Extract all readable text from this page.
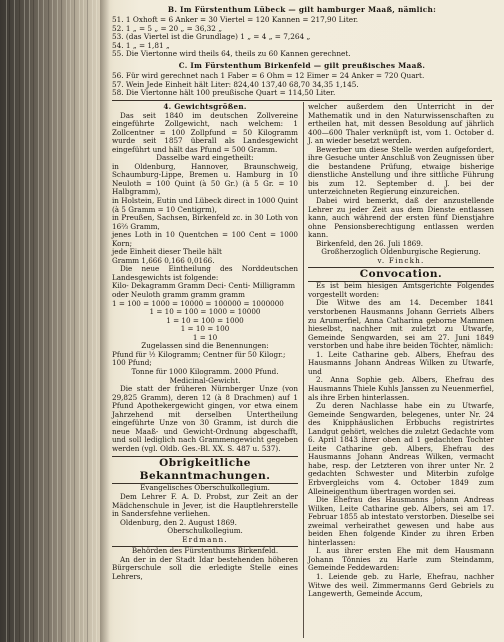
B. Im Fürstenthum Lübeck — gilt hamburger Maaß, nämlich:

51. 1 Oxhoft = 6 Anker = 30 Viertel = 120 Kannen = 217,90 Liter.

52. 1 „ = 5 „ = 20 „ = 36,32 „

53. (das Viertel ist die Grundlage) 1 „ = 4 „ = 7,264 „

54. 1 „ = 1,81 „

55. Die Viertonne wird theils 64, theils zu 60 Kannen gerechnet.

C. Im Fürstenthum Birkenfeld — gilt preußisches Maaß.

56. Für wird gerechnet nach 1 Faber = 6 Ohm = 12 Eimer = 24 Anker = 720 Quart.

57. Wein Jede Einheit hält Liter: 824,40 137,40 68,70 34,35 1,145.

58. Die Viertonne hält 100 preußische Quart = 114,50 Liter.

4. Gewichtsgrößen.

Das seit 1840 im deutschen Zollvereine eingeführte Zollgewicht, nach welchem: 1 Zollcentner = 100 Zollpfund = 50 Kilogramm wurde seit 1857 überall als Landesgewicht eingeführt und hält das Pfund = 500 Gramm.

Dasselbe ward eingetheilt:

in Oldenburg, Hannover, Braunschweig, Schaumburg-Lippe, Bremen u. Hamburg in 10 Neuloth = 100 Quint (à 50 Gr.) (à 5 Gr. = 10 Halbgramm),

in Holstein, Eutin und Lübeck direct in 1000 Quint (à 5 Gramm = 10 Centigrm),

in Preußen, Sachsen, Birkenfeld zc. in 30 Loth von 16⅔ Gramm,

jenes Loth in 10 Quentchen = 100 Cent = 1000 Korn;

jede Einheit dieser Theile hält

Gramm 1,666 0,166 0,0166.

Die neue Eintheilung des Norddeutschen Landesgewichts ist folgende:

Kilo- Dekagramm Gramm Deci- Centi- Milligramm oder Neuloth gramm gramm gramm

1 = 100 = 1000 = 10000 = 100000 = 1000000

1 = 10 = 100 = 1000 = 10000

1 = 10 = 100 = 1000

1 = 10 = 100

1 = 10

Zugelassen sind die Benennungen:

Pfund für ½ Kilogramm; Centner für 50 Kilogr.; 100 Pfund;

Tonne für 1000 Kilogramm. 2000 Pfund.

Medicinal-Gewicht.

Die statt der früheren Nürnberger Unze (von 29,825 Gramm), deren 12 (à 8 Drachmen) auf 1 Pfund Apothekergewicht gingen, vor etwa einem Jahrzehend mit derselben Untertheilung eingeführte Unze von 30 Gramm, ist durch die neue Maaß- und Gewicht-Ordnung abgeschafft, und soll lediglich nach Grammengewicht gegeben werden (vgl. Oldb. Ges.-Bl. XX. S. 487 u. 537).

Obrigkeitliche Bekanntmachungen.

Evangelisches Oberschulkollegium.

Dem Lehrer F. A. D. Probst, zur Zeit an der Mädchenschule in Jever, ist die Hauptlehrerstelle in Sandersfehne verliehen.

Oldenburg, den 2. August 1869.

Oberschulkollegium.

Erdmann.

Behörden des Fürstenthums Birkenfeld.

An der in der Stadt Idar bestehenden höheren Bürgerschule soll die erledigte Stelle eines Lehrers,

welcher außerdem den Unterricht in der Mathematik und in den Naturwissenschaften zu ertheilen hat, mit dessen Besoldung auf jährlich 400—600 Thaler verknüpft ist, vom 1. October d. J. an wieder besetzt werden.

Bewerber um diese Stelle werden aufgefordert, ihre Gesuche unter Anschluß von Zeugnissen über die bestandene Prüfung, etwaige bisherige dienstliche Anstellung und ihre sittliche Führung bis zum 12. September d. J. bei der unterzeichneten Regierung einzureichen.

Dabei wird bemerkt, daß der anzustellende Lehrer zu jeder Zeit aus dem Dienste entlassen kann, auch während der ersten fünf Dienstjahre ohne Pensionsberechtigung entlassen werden kann.

Birkenfeld, den 26. Juli 1869.

Großherzoglich Oldenburgische Regierung.

v. Finckh.

Convocation.

Es ist beim hiesigen Amtsgerichte Folgendes vorgestellt worden:

Die Witwe des am 14. December 1841 verstorbenen Hausmanns Johann Gerriets Albers zu Arumerfiel, Anna Catharina geborne Mammen hieselbst, nachher mit zuletzt zu Utwarfe, Gemeinde Sengwarden, sei am 27. Juni 1849 verstorben und habe ihre beiden Töchter, nämlich:

1. Leite Catharine geb. Albers, Ehefrau des Hausmanns Johann Andreas Wilken zu Utwarfe, und

2. Anna Sophie geb. Albers, Ehefrau des Hausmanns Thiele Kuhls Janssen zu Neuenmerfiel, als ihre Erben hinterlassen.

Zu deren Nachlasse habe ein zu Utwarfe, Gemeinde Sengwarden, belegenes, unter Nr. 24 des Knipphäuslichen Erbbuchs registrirtes Landgut gehört, welches die zuletzt Gedachte vom 6. April 1843 ihrer oben ad 1 gedachten Tochter Leite Catharine geb. Albers, Ehefrau des Hausmanns Johann Andreas Wilken, vermacht habe, resp. der Letzteren von ihrer unter Nr. 2 gedachten Schwester und Miterbin zufolge Erbvergleichs vom 4. October 1849 zum Alleineigenthum übertragen worden sei.

Die Ehefrau des Hausmanns Johann Andreas Wilken, Leite Catharine geb. Albers, sei am 17. Februar 1855 ab intestato verstorben. Dieselbe sei zweimal verheirathet gewesen und habe aus beiden Ehen folgende Kinder zu ihren Erben hinterlassen:

I. aus ihrer ersten Ehe mit dem Hausmann Johann Tönnies zu Harle zum Steindamm, Gemeinde Feddewarden:

1. Leiende geb. zu Harle, Ehefrau, nachher Witwe des weil. Zimmermanns Gerd Gebriels zu Langewerth, Gemeinde Accum,
